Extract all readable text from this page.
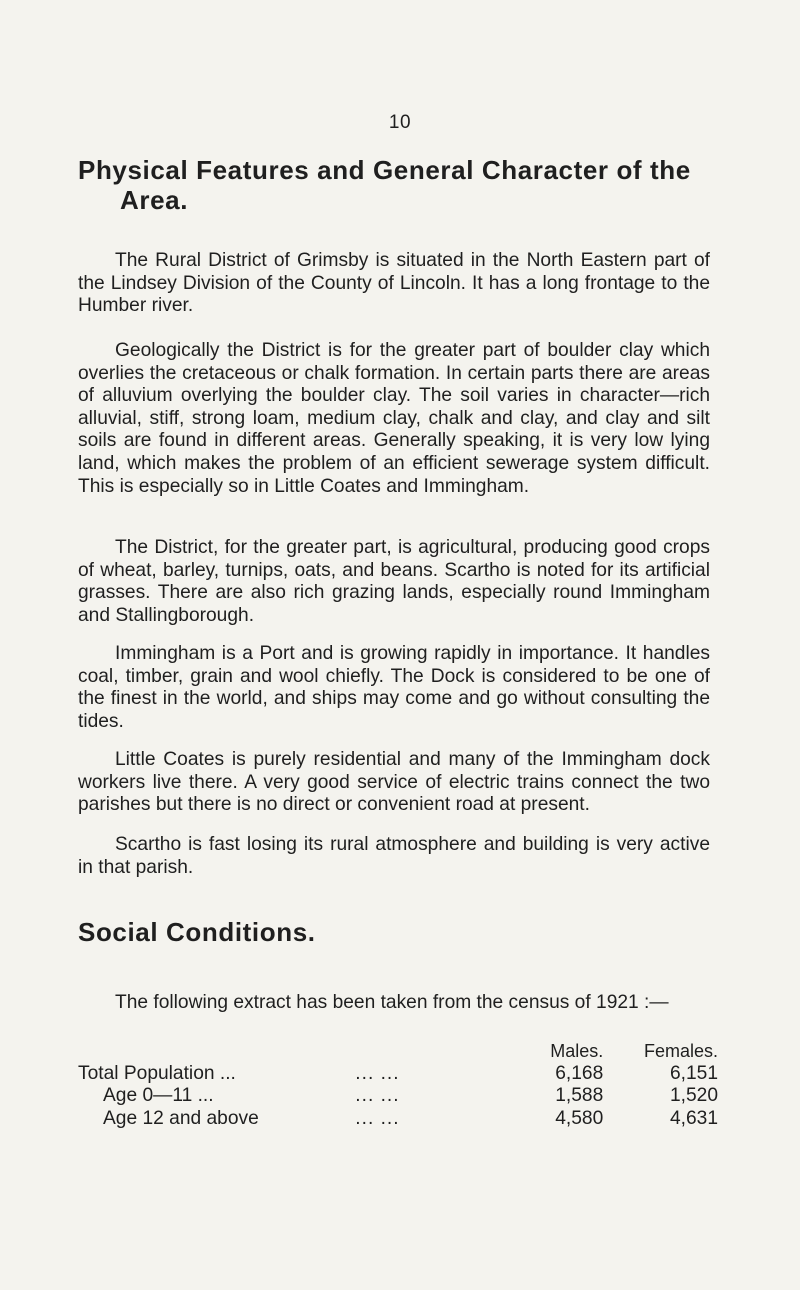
10
Physical Features and General Character of the
Area.

The Rural District of Grimsby is situated in the North Eastern part of the Lindsey Division of the County of Lincoln. It has a long frontage to the Humber river.

Geologically the District is for the greater part of boulder clay which overlies the cretaceous or chalk formation. In certain parts there are areas of alluvium overlying the boulder clay. The soil varies in character—rich alluvial, stiff, strong loam, medium clay, chalk and clay, and clay and silt soils are found in different areas. Generally speaking, it is very low lying land, which makes the problem of an efficient sewerage system difficult. This is especially so in Little Coates and Immingham.

The District, for the greater part, is agricultural, producing good crops of wheat, barley, turnips, oats, and beans. Scartho is noted for its artificial grasses. There are also rich grazing lands, especially round Immingham and Stallingborough.

Immingham is a Port and is growing rapidly in importance. It handles coal, timber, grain and wool chiefly. The Dock is considered to be one of the finest in the world, and ships may come and go without consulting the tides.

Little Coates is purely residential and many of the Immingham dock workers live there. A very good service of electric trains connect the two parishes but there is no direct or convenient road at present.

Scartho is fast losing its rural atmosphere and building is very active in that parish.

Social Conditions.

The following extract has been taken from the census of 1921 :—

		Males.	Females.
Total Population ...	... ...	6,168	6,151
Age 0—11 ...	... ...	1,588	1,520
Age 12 and above	... ...	4,580	4,631
